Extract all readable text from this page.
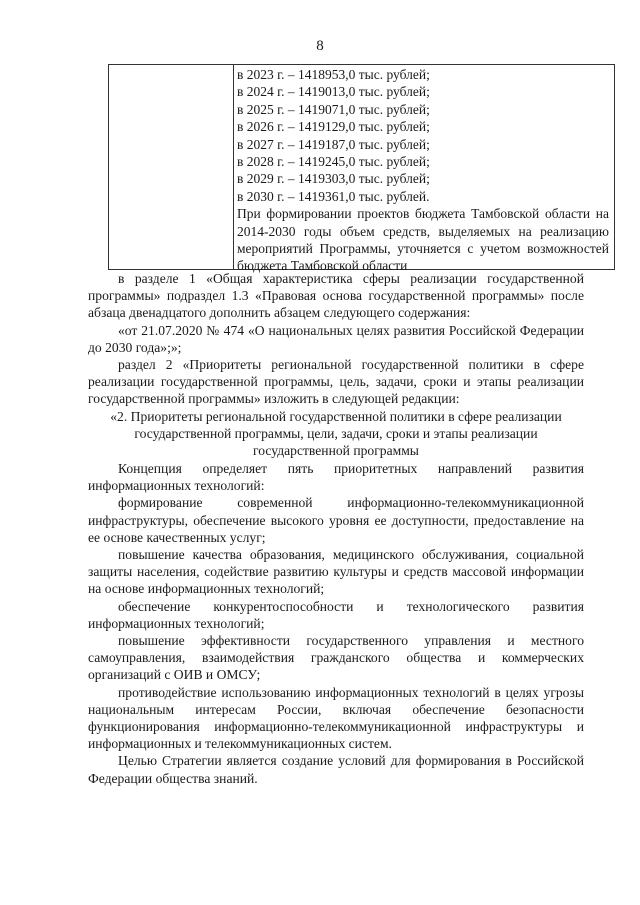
8
в 2023 г. – 1418953,0 тыс. рублей;
в 2024 г. – 1419013,0 тыс. рублей;
в 2025 г. – 1419071,0 тыс. рублей;
в 2026 г. – 1419129,0 тыс. рублей;
в 2027 г. – 1419187,0 тыс. рублей;
в 2028 г. – 1419245,0 тыс. рублей;
в 2029 г. – 1419303,0 тыс. рублей;
в 2030 г. – 1419361,0 тыс. рублей.
При формировании проектов бюджета Тамбовской области на 2014-2030 годы объем средств, выделяемых на реализацию мероприятий Программы, уточняется с учетом возможностей бюджета Тамбовской области

в разделе 1 «Общая характеристика сферы реализации государственной программы» подраздел 1.3 «Правовая основа государственной программы» после абзаца двенадцатого дополнить абзацем следующего содержания:

«от 21.07.2020 № 474 «О национальных целях развития Российской Федерации до 2030 года»;»;

раздел 2 «Приоритеты региональной государственной политики в сфере реализации государственной программы, цель, задачи, сроки и этапы реализации государственной программы» изложить в следующей редакции:

«2. Приоритеты региональной государственной политики в сфере реализации государственной программы, цели, задачи, сроки и этапы реализации государственной программы

Концепция определяет пять приоритетных направлений развития информационных технологий:

формирование современной информационно-телекоммуникационной инфраструктуры, обеспечение высокого уровня ее доступности, предоставление на ее основе качественных услуг;

повышение качества образования, медицинского обслуживания, социальной защиты населения, содействие развитию культуры и средств массовой информации на основе информационных технологий;

обеспечение конкурентоспособности и технологического развития информационных технологий;

повышение эффективности государственного управления и местного самоуправления, взаимодействия гражданского общества и коммерческих организаций с ОИВ и ОМСУ;

противодействие использованию информационных технологий в целях угрозы национальным интересам России, включая обеспечение безопасности функционирования информационно-телекоммуникационной инфраструктуры и информационных и телекоммуникационных систем.

Целью Стратегии является создание условий для формирования в Российской Федерации общества знаний.
